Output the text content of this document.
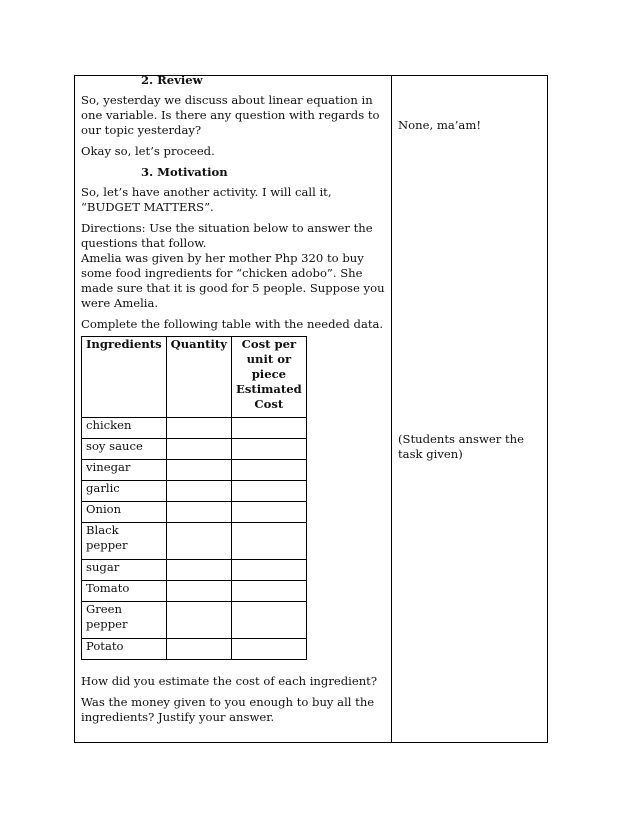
2. Review

So, yesterday we discuss about linear equation in one variable. Is there any question with regards to our topic yesterday?

Okay so, let’s proceed.

3. Motivation

So, let’s have another activity. I will call it, “BUDGET MATTERS”.

Directions: Use the situation below to answer the questions that follow.

Amelia was given by her mother Php 320 to buy some food ingredients for “chicken adobo”. She made sure that it is good for 5 people. Suppose you were Amelia.

Complete the following table with the needed data.

Ingredients	Quantity	Cost per unit or piece Estimated Cost
chicken		
soy sauce		
vinegar		
garlic		
Onion		
Black pepper		
sugar		
Tomato		
Green pepper		
Potato		

How did you estimate the cost of each ingredient?

Was the money given to you enough to buy all the ingredients? Justify your answer.

None, ma’am!
(Students answer the task given)
